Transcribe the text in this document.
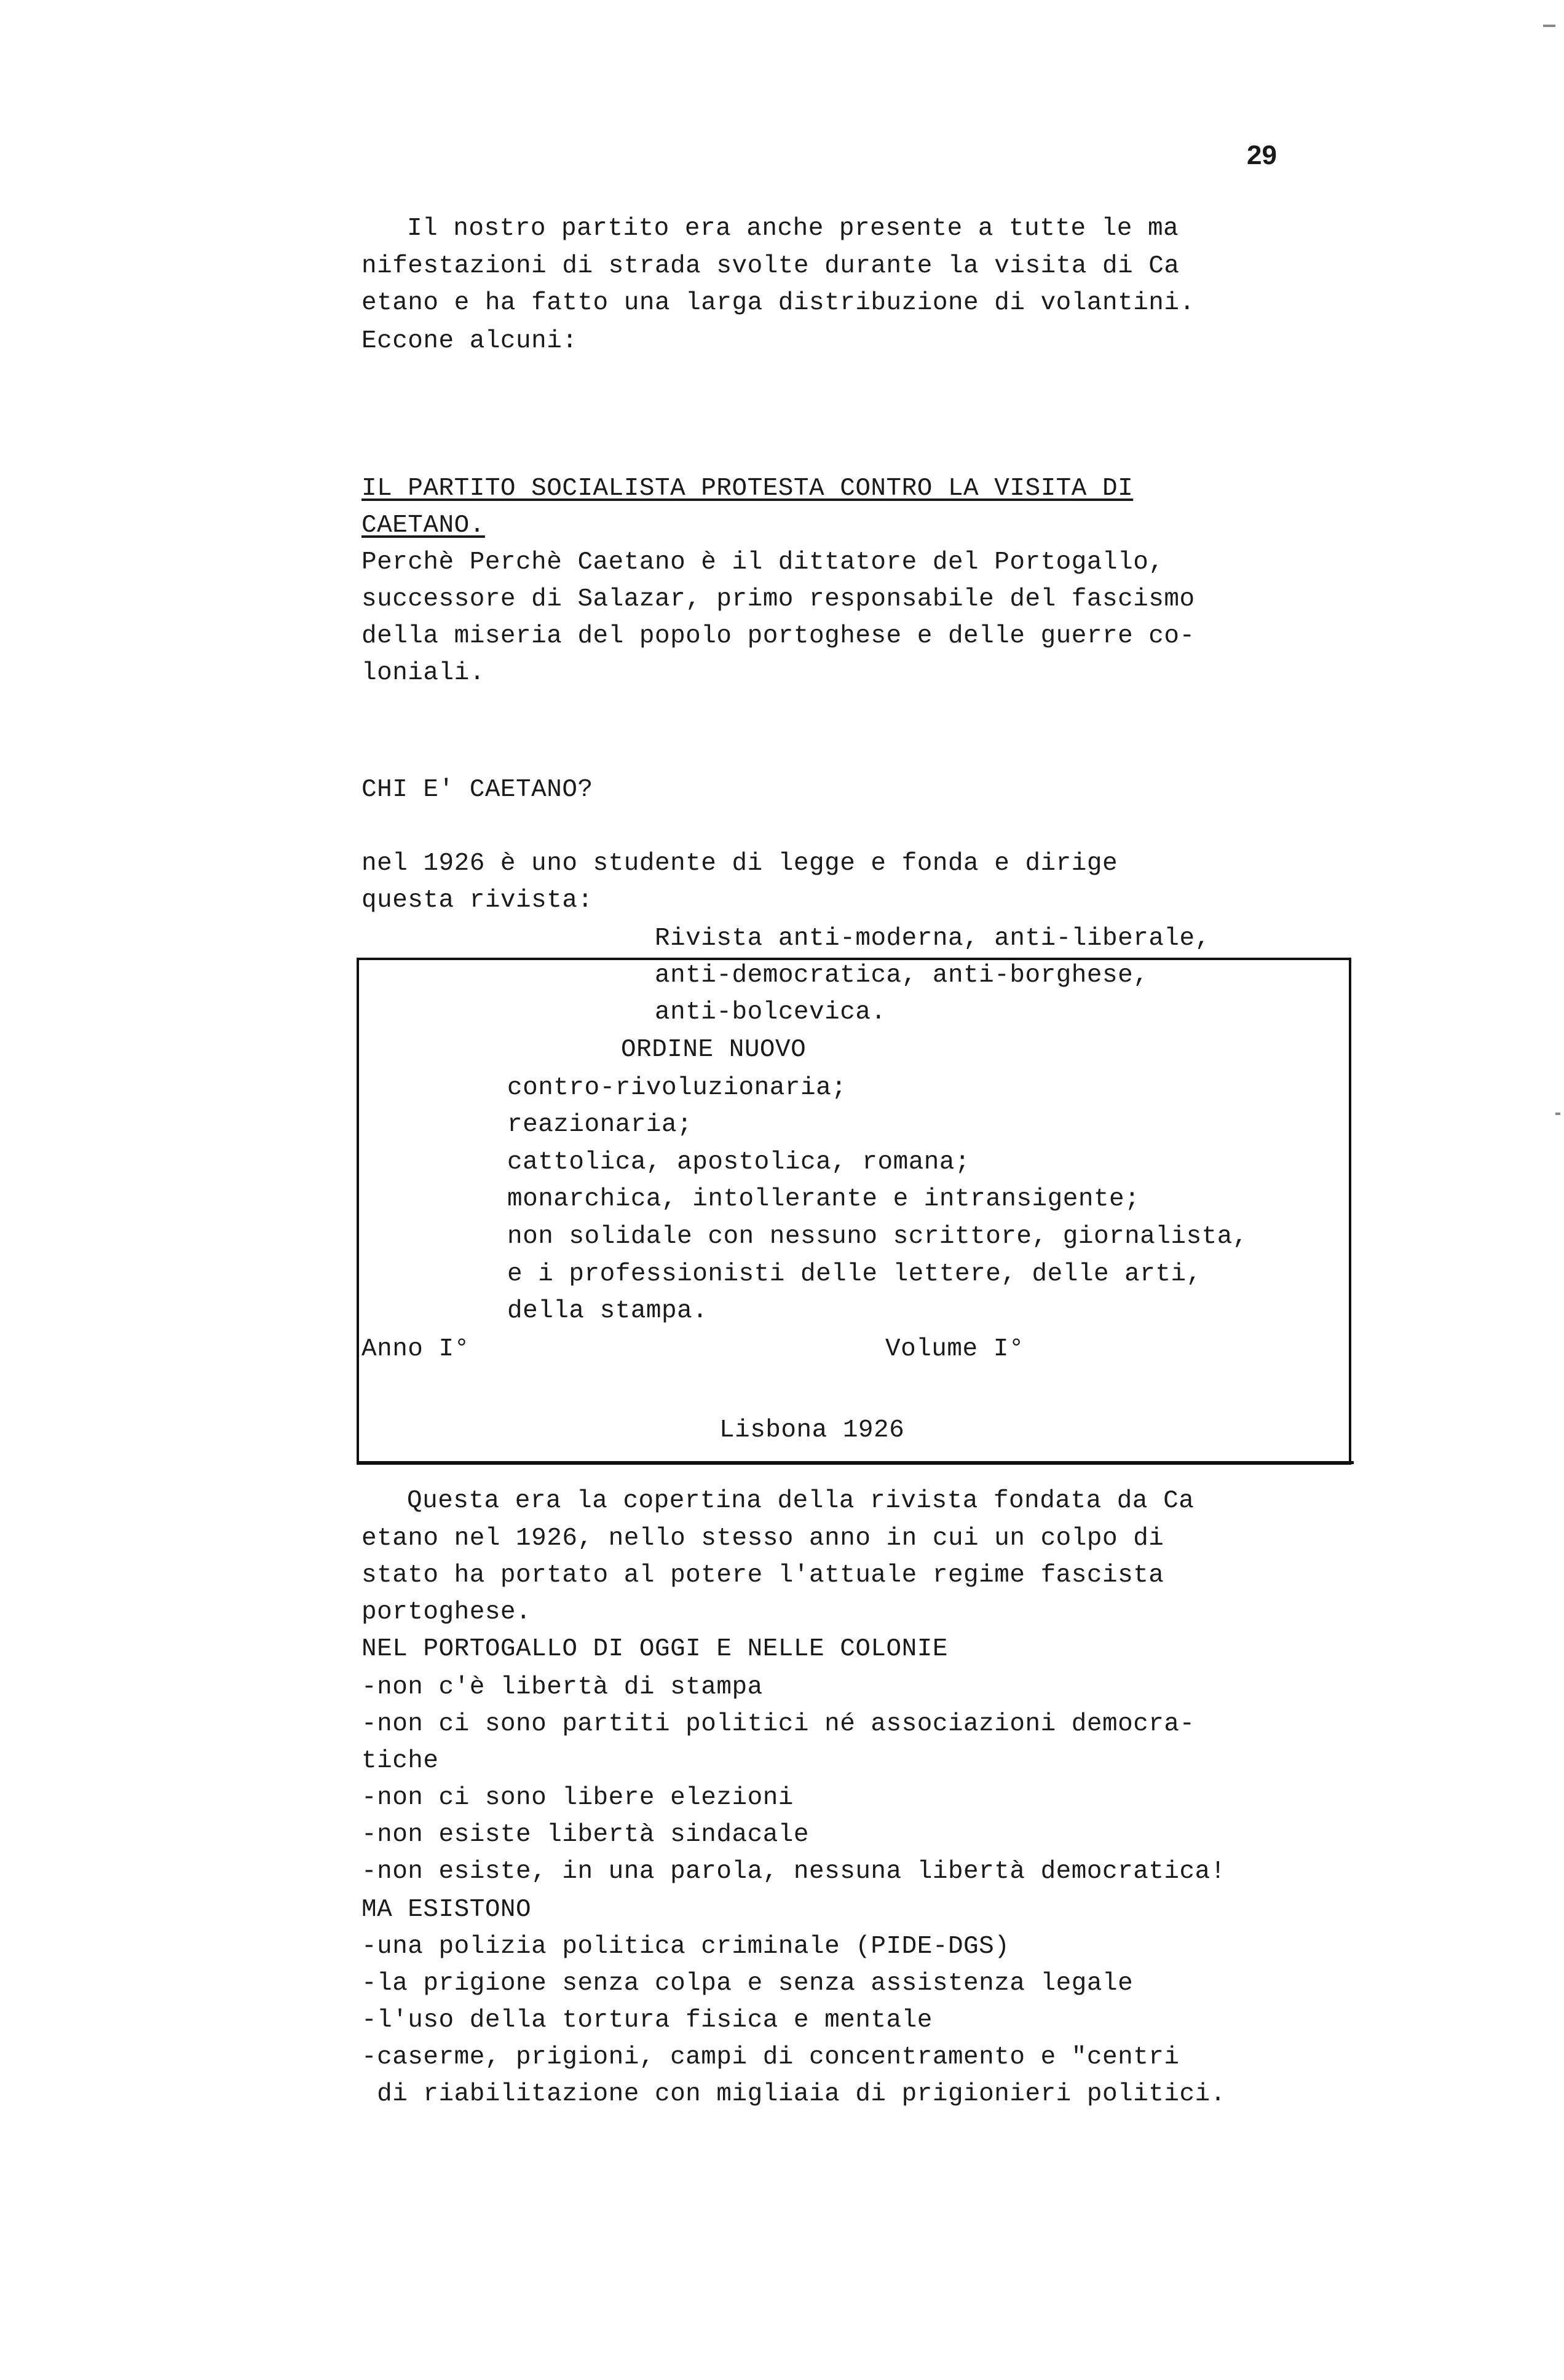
29
Il nostro partito era anche presente a tutte le ma
nifestazioni di strada svolte durante la visita di Ca
etano e ha fatto una larga distribuzione di volantini.
Eccone alcuni:
IL PARTITO SOCIALISTA PROTESTA CONTRO LA VISITA DI
CAETANO.
Perchè Perchè Caetano è il dittatore del Portogallo,
successore di Salazar, primo responsabile del fascismo
della miseria del popolo portoghese e delle guerre co-
loniali.
CHI E' CAETANO?
nel 1926 è uno studente di legge e fonda e dirige
questa rivista:
Rivista anti-moderna, anti-liberale,
anti-democratica, anti-borghese,
anti-bolcevica.
ORDINE NUOVO
contro-rivoluzionaria;
reazionaria;
cattolica, apostolica, romana;
monarchica, intollerante e intransigente;
non solidale con nessuno scrittore, giornalista,
e i professionisti delle lettere, delle arti,
della stampa.
Anno I°	Volume I°
Lisbona 1926
Questa era la copertina della rivista fondata da Ca
etano nel 1926, nello stesso anno in cui un colpo di
stato ha portato al potere l'attuale regime fascista
portoghese.
NEL PORTOGALLO DI OGGI E NELLE COLONIE
-non c'è libertà di stampa
-non ci sono partiti politici né associazioni democra-
tiche
-non ci sono libere elezioni
-non esiste libertà sindacale
-non esiste, in una parola, nessuna libertà democratica!
MA ESISTONO
-una polizia politica criminale (PIDE-DGS)
-la prigione senza colpa e senza assistenza legale
-l'uso della tortura fisica e mentale
-caserme, prigioni, campi di concentramento e "centri
di riabilitazione con migliaia di prigionieri politici.
